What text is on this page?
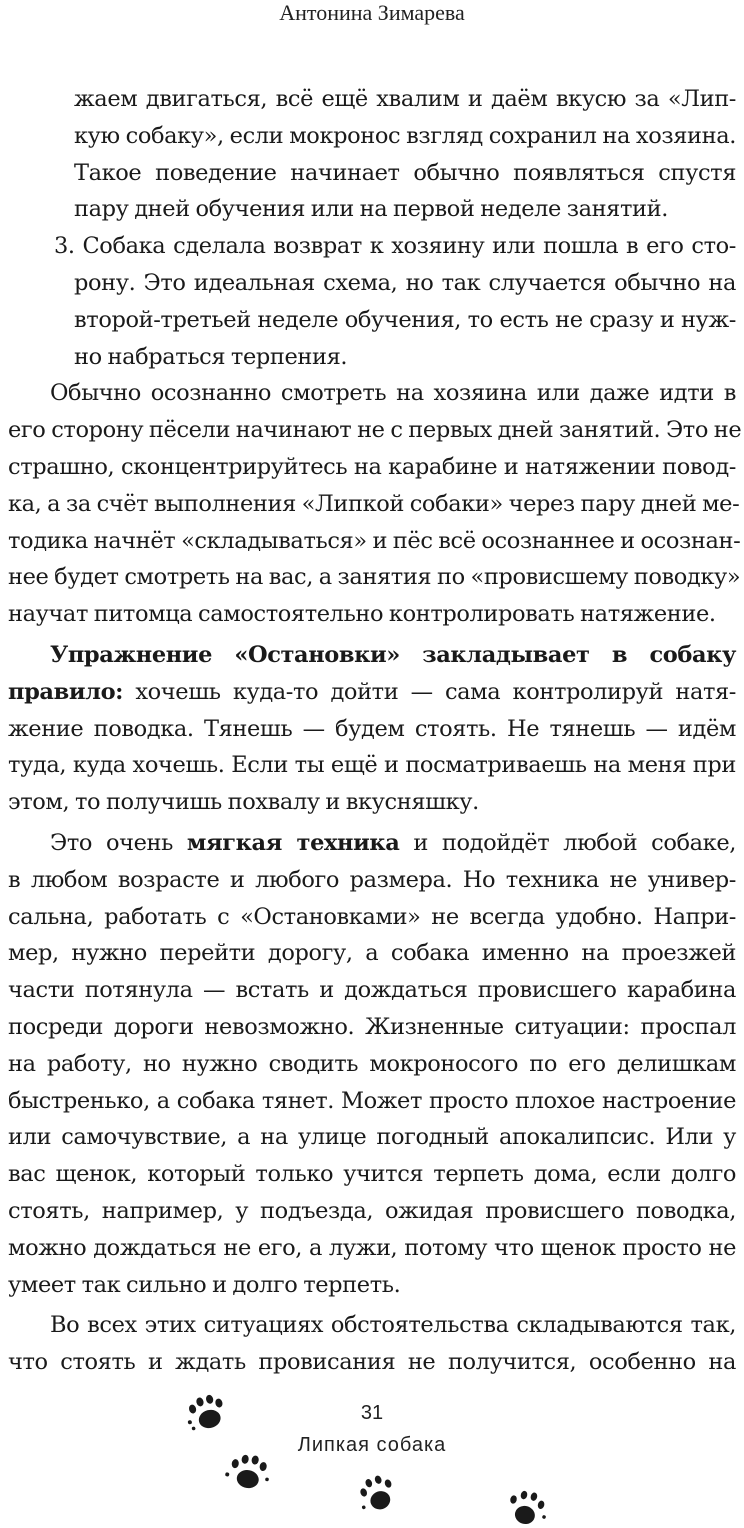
Антонина Зимарева
жаем двигаться, всё ещё хвалим и даём вкусю за «Лип-
кую собаку», если мокронос взгляд сохранил на хозяина.
Такое поведение начинает обычно появляться спустя
пару дней обучения или на первой неделе занятий.
3. Собака сделала возврат к хозяину или пошла в его сто-
рону. Это идеальная схема, но так случается обычно на
второй-третьей неделе обучения, то есть не сразу и нуж-
но набраться терпения.
Обычно осознанно смотреть на хозяина или даже идти в
его сторону пёсели начинают не с первых дней занятий. Это не
страшно, сконцентрируйтесь на карабине и натяжении повод-
ка, а за счёт выполнения «Липкой собаки» через пару дней ме-
тодика начнёт «складываться» и пёс всё осознаннее и осознан-
нее будет смотреть на вас, а занятия по «провисшему поводку»
научат питомца самостоятельно контролировать натяжение.
Упражнение «Остановки» закладывает в собаку
правило: хочешь куда-то дойти — сама контролируй натя-
жение поводка. Тянешь — будем стоять. Не тянешь — идём
туда, куда хочешь. Если ты ещё и посматриваешь на меня при
этом, то получишь похвалу и вкусняшку.
Это очень мягкая техника и подойдёт любой собаке,
в любом возрасте и любого размера. Но техника не универ-
сальна, работать с «Остановками» не всегда удобно. Напри-
мер, нужно перейти дорогу, а собака именно на проезжей
части потянула — встать и дождаться провисшего карабина
посреди дороги невозможно. Жизненные ситуации: проспал
на работу, но нужно сводить мокроносого по его делишкам
быстренько, а собака тянет. Может просто плохое настроение
или самочувствие, а на улице погодный апокалипсис. Или у
вас щенок, который только учится терпеть дома, если долго
стоять, например, у подъезда, ожидая провисшего поводка,
можно дождаться не его, а лужи, потому что щенок просто не
умеет так сильно и долго терпеть.
Во всех этих ситуациях обстоятельства складываются так,
что стоять и ждать провисания не получится, особенно на
31
Липкая собака
